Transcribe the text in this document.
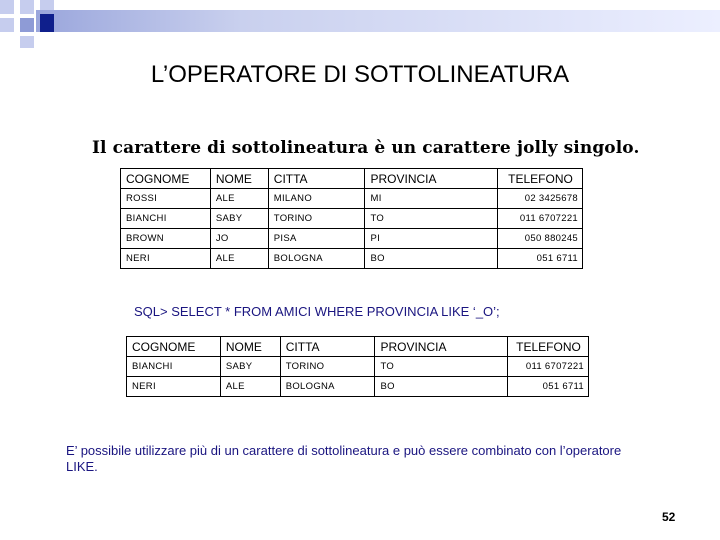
L’OPERATORE DI SOTTOLINEATURA
Il carattere di sottolineatura è un carattere jolly singolo.
COGNOME	NOME	CITTA	PROVINCIA	TELEFONO
ROSSI	ALE	MILANO	MI	02 3425678
BIANCHI	SABY	TORINO	TO	011 6707221
BROWN	JO	PISA	PI	050 880245
NERI	ALE	BOLOGNA	BO	051 6711
SQL> SELECT * FROM AMICI WHERE PROVINCIA LIKE ‘_O’;
COGNOME	NOME	CITTA	PROVINCIA	TELEFONO
BIANCHI	SABY	TORINO	TO	011 6707221
NERI	ALE	BOLOGNA	BO	051 6711
E’ possibile utilizzare più di un carattere di sottolineatura e può essere combinato con l’operatore LIKE.
52
